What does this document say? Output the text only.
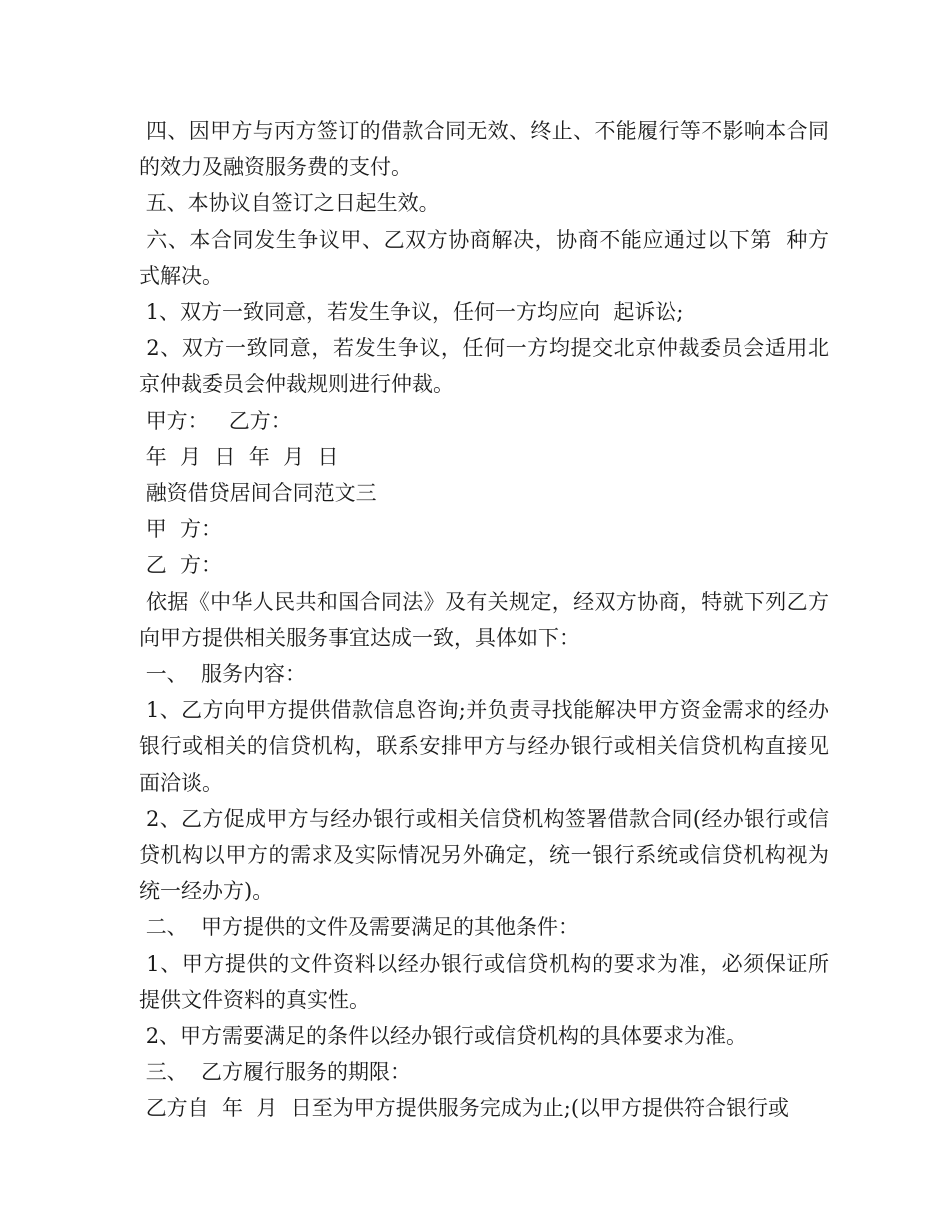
四、因甲方与丙方签订的借款合同无效、终止、不能履行等不影响本合同的效力及融资服务费的支付。

五、本协议自签订之日起生效。

六、本合同发生争议甲、乙双方协商解决，协商不能应通过以下第  种方式解决。

1、双方一致同意，若发生争议，任何一方均应向  起诉讼;

2、双方一致同意，若发生争议，任何一方均提交北京仲裁委员会适用北京仲裁委员会仲裁规则进行仲裁。

甲方：   乙方：

年  月  日  年  月  日

融资借贷居间合同范文三

甲  方：

乙  方：

依据《中华人民共和国合同法》及有关规定，经双方协商，特就下列乙方向甲方提供相关服务事宜达成一致，具体如下：

一、  服务内容：

1、乙方向甲方提供借款信息咨询;并负责寻找能解决甲方资金需求的经办银行或相关的信贷机构，联系安排甲方与经办银行或相关信贷机构直接见面洽谈。

2、乙方促成甲方与经办银行或相关信贷机构签署借款合同(经办银行或信贷机构以甲方的需求及实际情况另外确定，统一银行系统或信贷机构视为统一经办方)。

二、  甲方提供的文件及需要满足的其他条件：

1、甲方提供的文件资料以经办银行或信贷机构的要求为准，必须保证所提供文件资料的真实性。

2、甲方需要满足的条件以经办银行或信贷机构的具体要求为准。

三、  乙方履行服务的期限：

乙方自  年  月  日至为甲方提供服务完成为止;(以甲方提供符合银行或
